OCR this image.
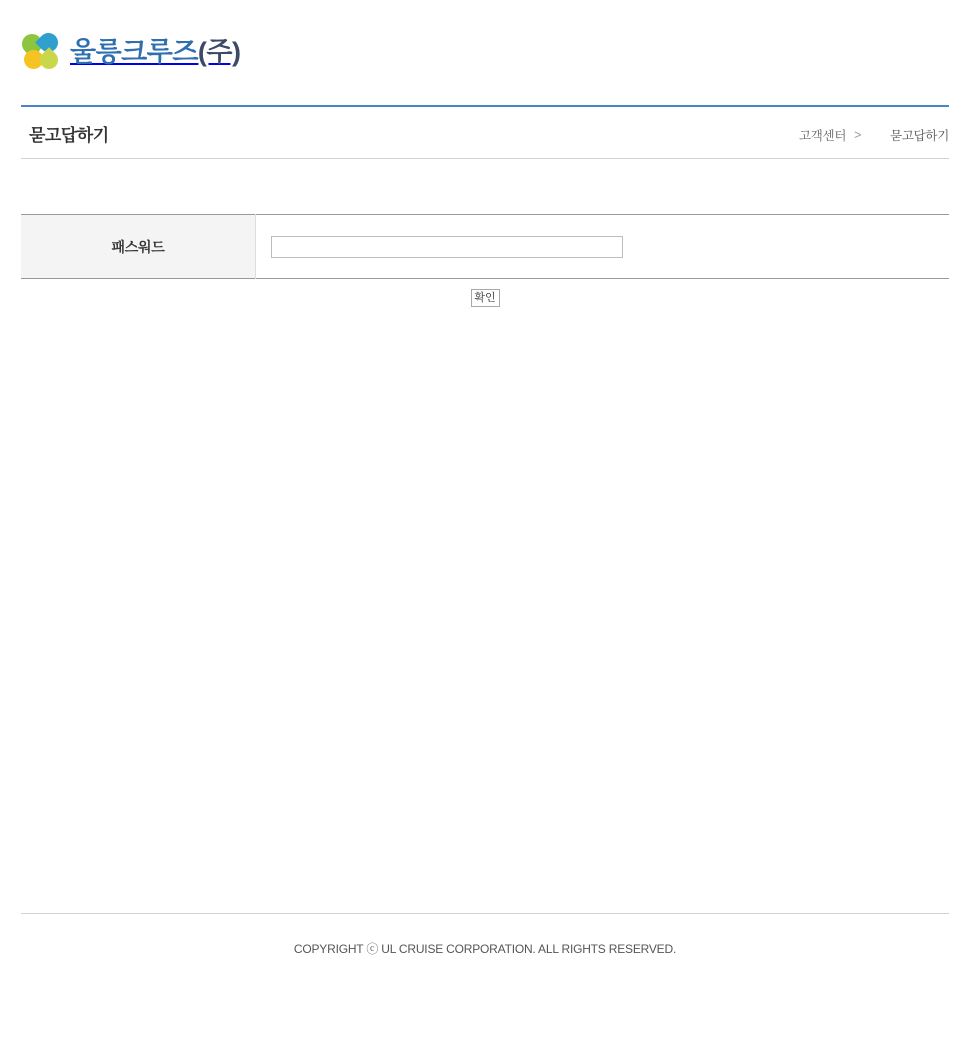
울릉크루즈(주)
묻고답하기	고객센터 > 묻고답하기
패스워드	
확인
COPYRIGHT ⓒ UL CRUISE CORPORATION. ALL RIGHTS RESERVED.
